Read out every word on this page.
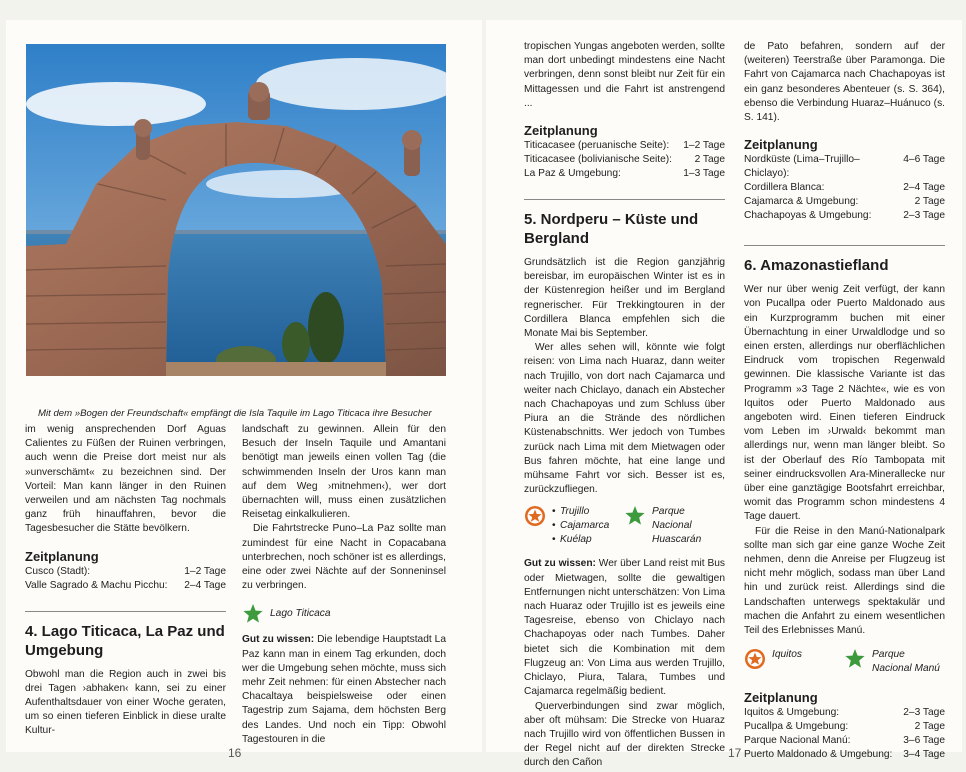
Mit dem »Bogen der Freundschaft« empfängt die Isla Taquile im Lago Titicaca ihre Besucher

im wenig ansprechenden Dorf Aguas Calientes zu Füßen der Ruinen verbringen, auch wenn die Preise dort meist nur als »unverschämt« zu bezeichnen sind. Der Vorteil: Man kann länger in den Ruinen verweilen und am nächsten Tag nochmals ganz früh hinauffahren, bevor die Tagesbesucher die Stätte bevölkern.

Zeitplanung
Cusco (Stadt):	1–2 Tage
Valle Sagrado & Machu Picchu:	2–4 Tage
4. Lago Titicaca, La Paz und Umgebung

Obwohl man die Region auch in zwei bis drei Tagen ›abhaken‹ kann, sei zu einer Aufenthaltsdauer von einer Woche geraten, um so einen tieferen Einblick in diese uralte Kultur-

landschaft zu gewinnen. Allein für den Besuch der Inseln Taquile und Amantani benötigt man jeweils einen vollen Tag (die schwimmenden Inseln der Uros kann man auf dem Weg ›mitnehmen‹), wer dort übernachten will, muss einen zusätzlichen Reisetag einkalkulieren.

Die Fahrtstrecke Puno–La Paz sollte man zumindest für eine Nacht in Copacabana unterbrechen, noch schöner ist es allerdings, eine oder zwei Nächte auf der Sonneninsel zu verbringen.

Lago Titicaca

Gut zu wissen: Die lebendige Hauptstadt La Paz kann man in einem Tag erkunden, doch wer die Umgebung sehen möchte, muss sich mehr Zeit nehmen: für einen Abstecher nach Chacaltaya beispielsweise oder einen Tagestrip zum Sajama, dem höchsten Berg des Landes. Und noch ein Tipp: Obwohl Tagestouren in die

16

tropischen Yungas angeboten werden, sollte man dort unbedingt mindestens eine Nacht verbringen, denn sonst bleibt nur Zeit für ein Mittagessen und die Fahrt ist anstrengend ...

Zeitplanung
Titicacasee (peruanische Seite):	1–2 Tage
Titicacasee (bolivianische Seite):	2 Tage
La Paz & Umgebung:	1–3 Tage
5. Nordperu – Küste und Bergland

Grundsätzlich ist die Region ganzjährig bereisbar, im europäischen Winter ist es in der Küstenregion heißer und im Bergland regnerischer. Für Trekkingtouren in der Cordillera Blanca empfehlen sich die Monate Mai bis September.

Wer alles sehen will, könnte wie folgt reisen: von Lima nach Huaraz, dann weiter nach Trujillo, von dort nach Cajamarca und weiter nach Chiclayo, danach ein Abstecher nach Chachapoyas und zum Schluss über Piura an die Strände des nördlichen Küstenabschnitts. Wer jedoch von Tumbes zurück nach Lima mit dem Mietwagen oder Bus fahren möchte, hat eine lange und mühsame Fahrt vor sich. Besser ist es, zurückzufliegen.

• Trujillo
• Cajamarca
• Kuélap
Parque Nacional Huascarán

Gut zu wissen: Wer über Land reist mit Bus oder Mietwagen, sollte die gewaltigen Entfernungen nicht unterschätzen: Von Lima nach Huaraz oder Trujillo ist es jeweils eine Tagesreise, ebenso von Chiclayo nach Chachapoyas oder nach Tumbes. Daher bietet sich die Kombination mit dem Flugzeug an: Von Lima aus werden Trujillo, Chiclayo, Piura, Talara, Tumbes und Cajamarca regelmäßig bedient.

Querverbindungen sind zwar möglich, aber oft mühsam: Die Strecke von Huaraz nach Trujillo wird von öffentlichen Bussen in der Regel nicht auf der direkten Strecke durch den Cañon

de Pato befahren, sondern auf der (weiteren) Teerstraße über Paramonga. Die Fahrt von Cajamarca nach Chachapoyas ist ein ganz besonderes Abenteuer (s. S. 364), ebenso die Verbindung Huaraz–Huánuco (s. S. 141).

Zeitplanung
Nordküste (Lima–Trujillo–Chiclayo):	4–6 Tage
Cordillera Blanca:	2–4 Tage
Cajamarca & Umgebung:	2 Tage
Chachapoyas & Umgebung:	2–3 Tage
6. Amazonastiefland

Wer nur über wenig Zeit verfügt, der kann von Pucallpa oder Puerto Maldonado aus ein Kurzprogramm buchen mit einer Übernachtung in einer Urwaldlodge und so einen ersten, allerdings nur oberflächlichen Eindruck vom tropischen Regenwald gewinnen. Die klassische Variante ist das Programm »3 Tage 2 Nächte«, wie es von Iquitos oder Puerto Maldonado aus angeboten wird. Einen tieferen Eindruck vom Leben im ›Urwald‹ bekommt man allerdings nur, wenn man länger bleibt. So ist der Oberlauf des Río Tambopata mit seiner eindrucksvollen Ara-Minerallecke nur über eine ganztägige Bootsfahrt erreichbar, womit das Programm schon mindestens 4 Tage dauert.

Für die Reise in den Manú-Nationalpark sollte man sich gar eine ganze Woche Zeit nehmen, denn die Anreise per Flugzeug ist nicht mehr möglich, sodass man über Land hin und zurück reist. Allerdings sind die Landschaften unterwegs spektakulär und machen die Anfahrt zu einem wesentlichen Teil des Erlebnisses Manú.

Iquitos	Parque Nacional Manú
Zeitplanung
Iquitos & Umgebung:	2–3 Tage
Pucallpa & Umgebung:	2 Tage
Parque Nacional Manú:	3–6 Tage
Puerto Maldonado & Umgebung:	3–4 Tage
17
